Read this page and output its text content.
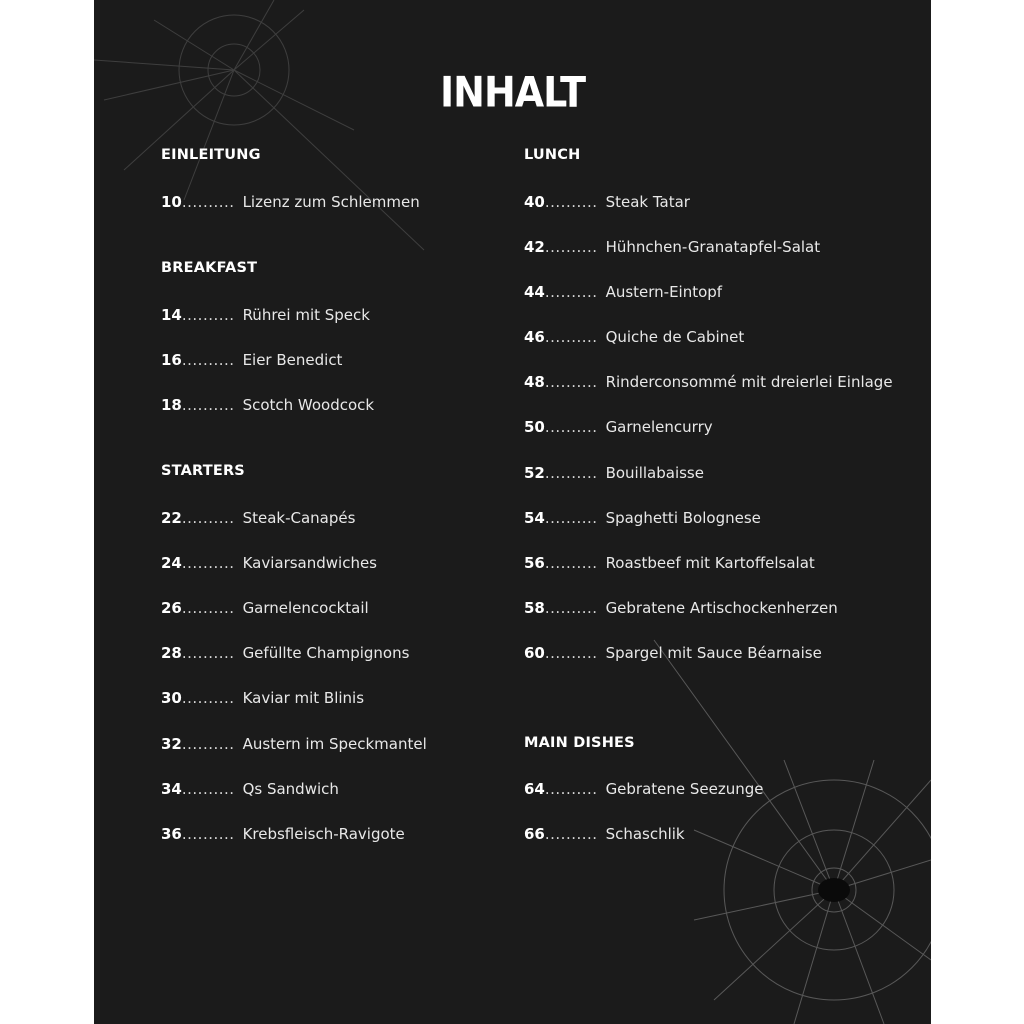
INHALT
EINLEITUNG
10.......... Lizenz zum Schlemmen
BREAKFAST
14.......... Rührei mit Speck
16.......... Eier Benedict
18.......... Scotch Woodcock
STARTERS
22.......... Steak-Canapés
24.......... Kaviarsandwiches
26.......... Garnelencocktail
28.......... Gefüllte Champignons
30.......... Kaviar mit Blinis
32.......... Austern im Speckmantel
34.......... Qs Sandwich
36.......... Krebsfleisch-Ravigote
LUNCH
40.......... Steak Tatar
42.......... Hühnchen-Granatapfel-Salat
44.......... Austern-Eintopf
46.......... Quiche de Cabinet
48.......... Rinderconsommé mit dreierlei Einlage
50.......... Garnelencurry
52.......... Bouillabaisse
54.......... Spaghetti Bolognese
56.......... Roastbeef mit Kartoffelsalat
58.......... Gebratene Artischockenherzen
60.......... Spargel mit Sauce Béarnaise
MAIN DISHES
64.......... Gebratene Seezunge
66.......... Schaschlik
